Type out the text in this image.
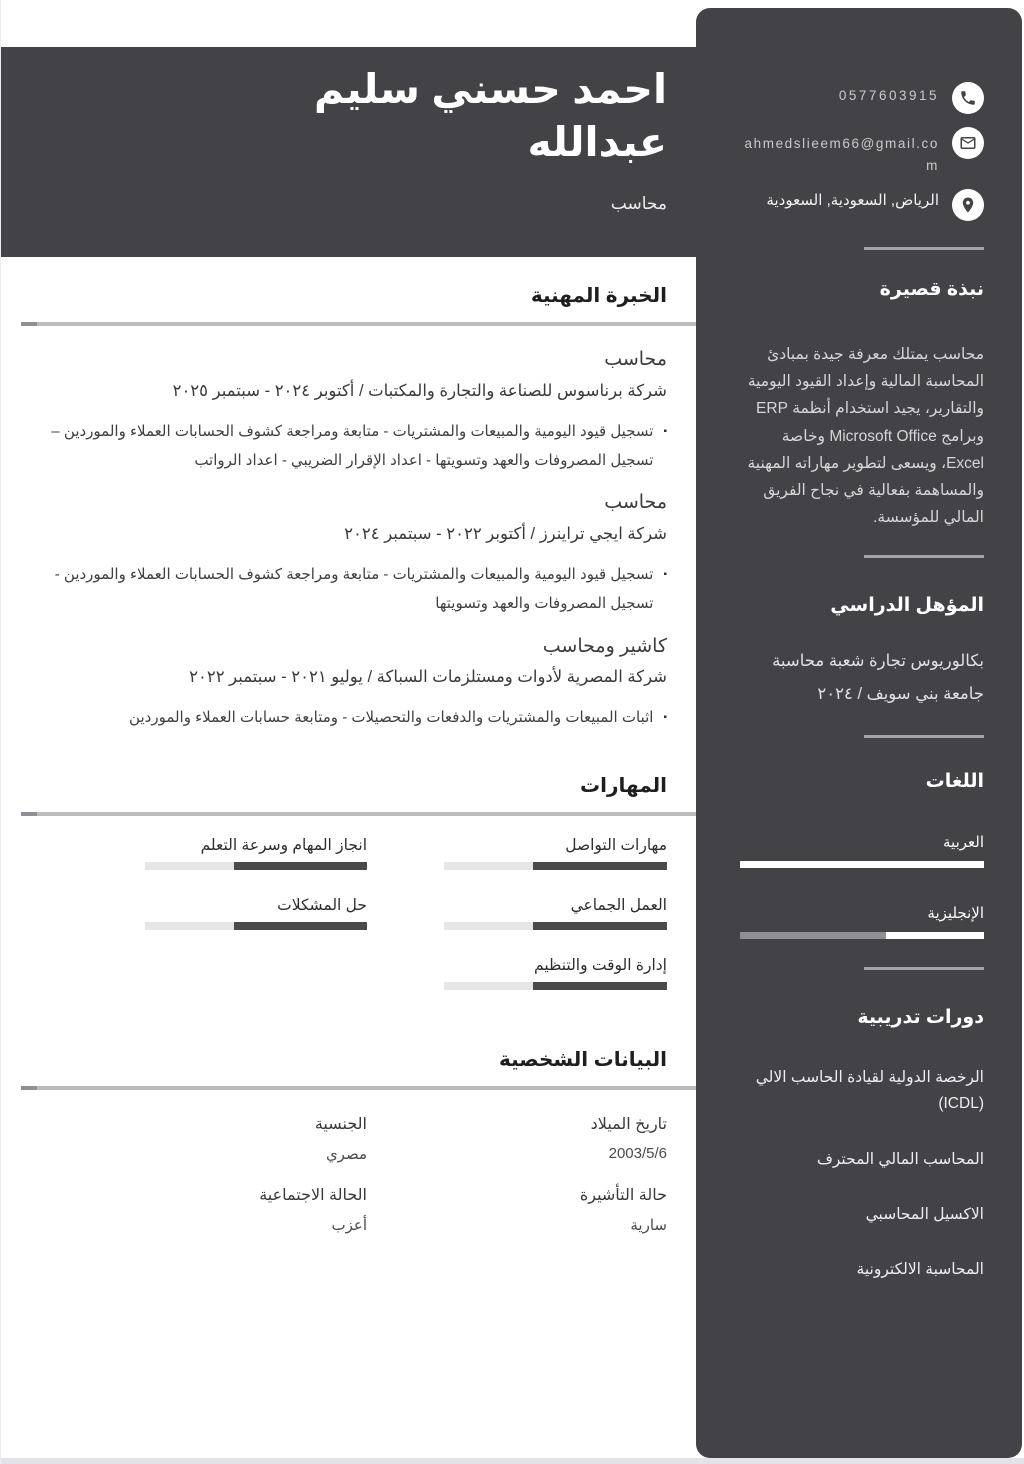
احمد حسني سليم عبدالله
محاسب
الخبرة المهنية
محاسب
شركة برناسوس للصناعة والتجارة والمكتبات / أكتوبر ٢٠٢٤ - سبتمبر ٢٠٢٥
▪
تسجيل قيود اليومية والمبيعات والمشتريات - متابعة ومراجعة كشوف الحسابات العملاء والموردين – تسجيل المصروفات والعهد وتسويتها - اعداد الإقرار الضريبي - اعداد الرواتب
محاسب
شركة ايجي تراينرز / أكتوبر ٢٠٢٢ - سبتمبر ٢٠٢٤
▪
تسجيل قيود اليومية والمبيعات والمشتريات - متابعة ومراجعة كشوف الحسابات العملاء والموردين - تسجيل المصروفات والعهد وتسويتها
كاشير ومحاسب
شركة المصرية لأدوات ومستلزمات السباكة / يوليو ٢٠٢١ - سبتمبر ٢٠٢٢
▪
اثبات المبيعات والمشتريات والدفعات والتحصيلات - ومتابعة حسابات العملاء والموردين
المهارات
مهارات التواصل
انجاز المهام وسرعة التعلم
العمل الجماعي
حل المشكلات
إدارة الوقت والتنظيم
البيانات الشخصية
تاريخ الميلاد
2003/5/6
الجنسية
مصري
حالة التأشيرة
سارية
الحالة الاجتماعية
أعزب
0577603915
ahmedslieem66@gmail.com
الرياض, السعودية, السعودية
نبذة قصيرة

محاسب يمتلك معرفة جيدة بمبادئ المحاسبة المالية وإعداد القيود اليومية والتقارير، يجيد استخدام أنظمة ERP وبرامج Microsoft Office وخاصة Excel، ويسعى لتطوير مهاراته المهنية والمساهمة بفعالية في نجاح الفريق المالي للمؤسسة.

المؤهل الدراسي

بكالوريوس تجارة شعبة محاسبة جامعة بني سويف / ٢٠٢٤

اللغات
العربية
الإنجليزية
دورات تدريبية
الرخصة الدولية لقيادة الحاسب الالي (ICDL)
المحاسب المالي المحترف
الاكسيل المحاسبي
المحاسبة الالكترونية
